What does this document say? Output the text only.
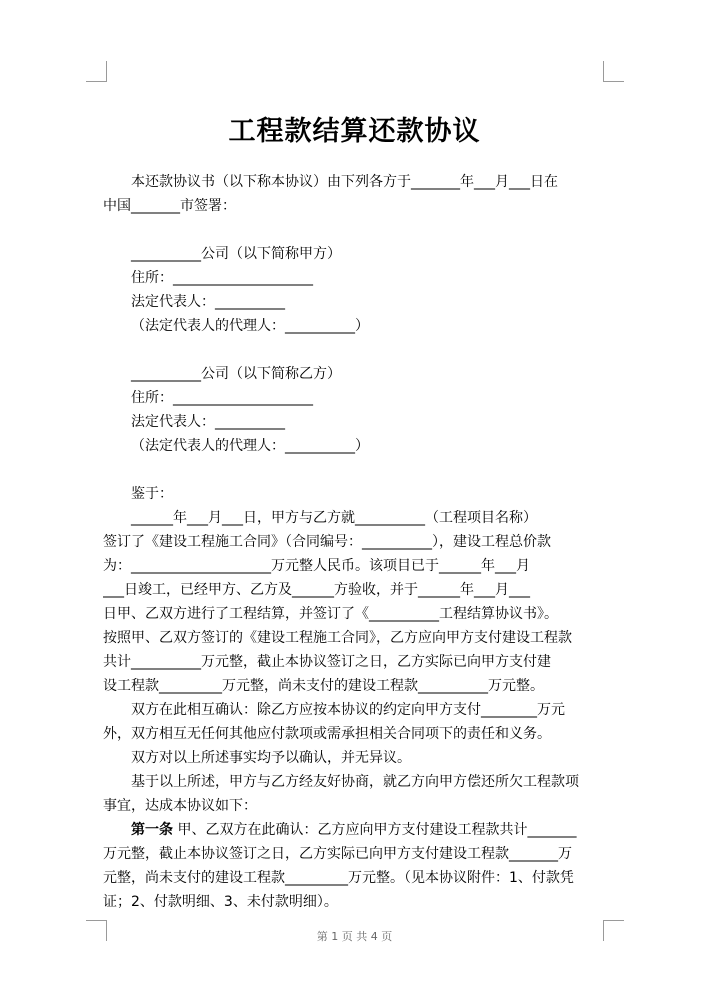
工程款结算还款协议

本还款协议书（以下称本协议）由下列各方于_______年___月___日在

中国_______市签署：

__________公司（以下简称甲方）

住所：____________________

法定代表人：__________

（法定代表人的代理人：__________）

__________公司（以下简称乙方）

住所：____________________

法定代表人：__________

（法定代表人的代理人：__________）

鉴于：

______年___月___日，甲方与乙方就__________（工程项目名称）

签订了《建设工程施工合同》（合同编号：__________），建设工程总价款

为：____________________万元整人民币。该项目已于______年___月

___日竣工，已经甲方、乙方及______方验收，并于______年___月___

日甲、乙双方进行了工程结算，并签订了《__________工程结算协议书》。

按照甲、乙双方签订的《建设工程施工合同》，乙方应向甲方支付建设工程款

共计__________万元整，截止本协议签订之日，乙方实际已向甲方支付建

设工程款_________万元整，尚未支付的建设工程款__________万元整。

双方在此相互确认：除乙方应按本协议的约定向甲方支付________万元

外，双方相互无任何其他应付款项或需承担相关合同项下的责任和义务。

双方对以上所述事实均予以确认，并无异议。

基于以上所述，甲方与乙方经友好协商，就乙方向甲方偿还所欠工程款项

事宜，达成本协议如下：

第一条 甲、乙双方在此确认：乙方应向甲方支付建设工程款共计_______

万元整，截止本协议签订之日，乙方实际已向甲方支付建设工程款_______万

元整，尚未支付的建设工程款_________万元整。（见本协议附件：1、付款凭

证；2、付款明细、3、未付款明细）。

第 1 页 共 4 页
